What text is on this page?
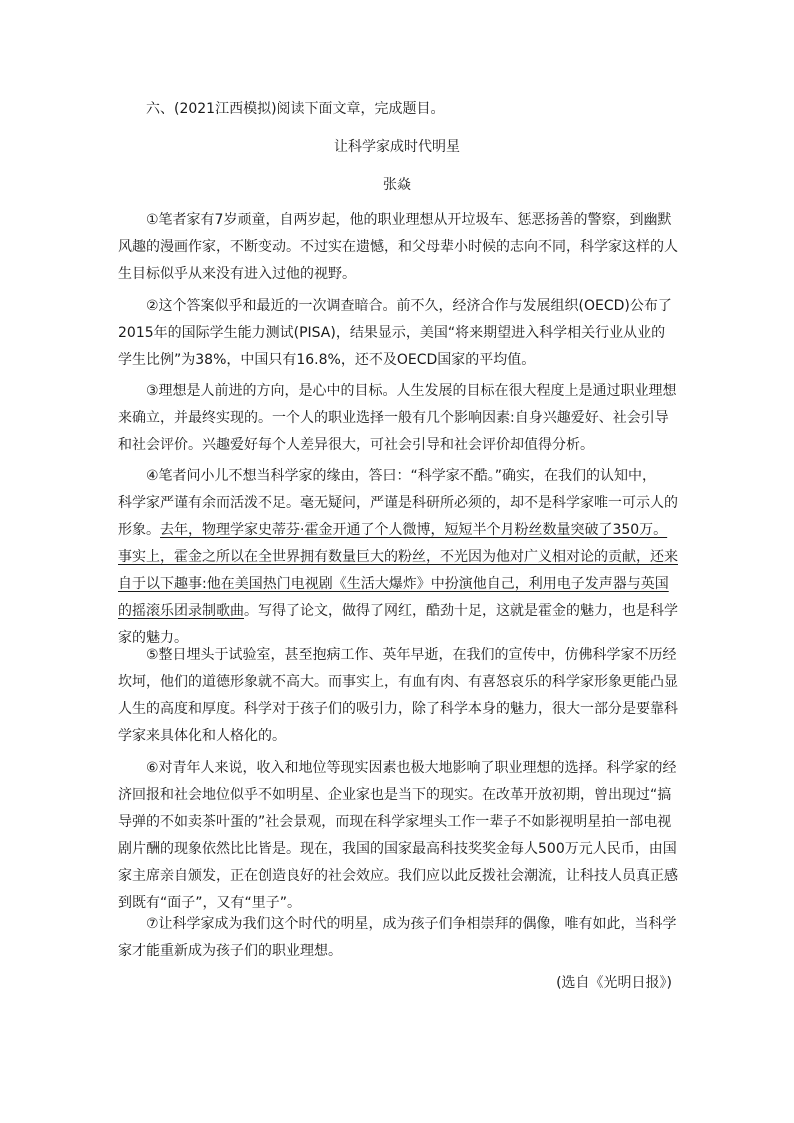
六、(2021江西模拟)阅读下面文章，完成题目。
让科学家成时代明星
张焱
①笔者家有7岁顽童，自两岁起，他的职业理想从开垃圾车、惩恶扬善的警察，到幽默
风趣的漫画作家，不断变动。不过实在遗憾，和父母辈小时候的志向不同，科学家这样的人
生目标似乎从来没有进入过他的视野。
②这个答案似乎和最近的一次调查暗合。前不久，经济合作与发展组织(OECD)公布了
2015年的国际学生能力测试(PISA)，结果显示，美国“将来期望进入科学相关行业从业的
学生比例”为38%，中国只有16.8%，还不及OECD国家的平均值。
③理想是人前进的方向，是心中的目标。人生发展的目标在很大程度上是通过职业理想
来确立，并最终实现的。一个人的职业选择一般有几个影响因素:自身兴趣爱好、社会引导
和社会评价。兴趣爱好每个人差异很大，可社会引导和社会评价却值得分析。
④笔者问小儿不想当科学家的缘由，答曰：“科学家不酷。”确实，在我们的认知中，
科学家严谨有余而活泼不足。毫无疑问，严谨是科研所必须的，却不是科学家唯一可示人的
形象。去年，物理学家史蒂芬·霍金开通了个人微博，短短半个月粉丝数量突破了350万。
事实上，霍金之所以在全世界拥有数量巨大的粉丝，不光因为他对广义相对论的贡献，还来
自于以下趣事:他在美国热门电视剧《生活大爆炸》中扮演他自己，利用电子发声器与英国
的摇滚乐团录制歌曲。写得了论文，做得了网红，酷劲十足，这就是霍金的魅力，也是科学
家的魅力。
⑤整日埋头于试验室，甚至抱病工作、英年早逝，在我们的宣传中，仿佛科学家不历经
坎坷，他们的道德形象就不高大。而事实上，有血有肉、有喜怒哀乐的科学家形象更能凸显
人生的高度和厚度。科学对于孩子们的吸引力，除了科学本身的魅力，很大一部分是要靠科
学家来具体化和人格化的。
⑥对青年人来说，收入和地位等现实因素也极大地影响了职业理想的选择。科学家的经
济回报和社会地位似乎不如明星、企业家也是当下的现实。在改革开放初期，曾出现过“搞
导弹的不如卖茶叶蛋的”社会景观，而现在科学家埋头工作一辈子不如影视明星拍一部电视
剧片酬的现象依然比比皆是。现在，我国的国家最高科技奖奖金每人500万元人民币，由国
家主席亲自颁发，正在创造良好的社会效应。我们应以此反拨社会潮流，让科技人员真正感
到既有“面子”，又有“里子”。
⑦让科学家成为我们这个时代的明星，成为孩子们争相崇拜的偶像，唯有如此，当科学
家才能重新成为孩子们的职业理想。
(选自《光明日报》)
